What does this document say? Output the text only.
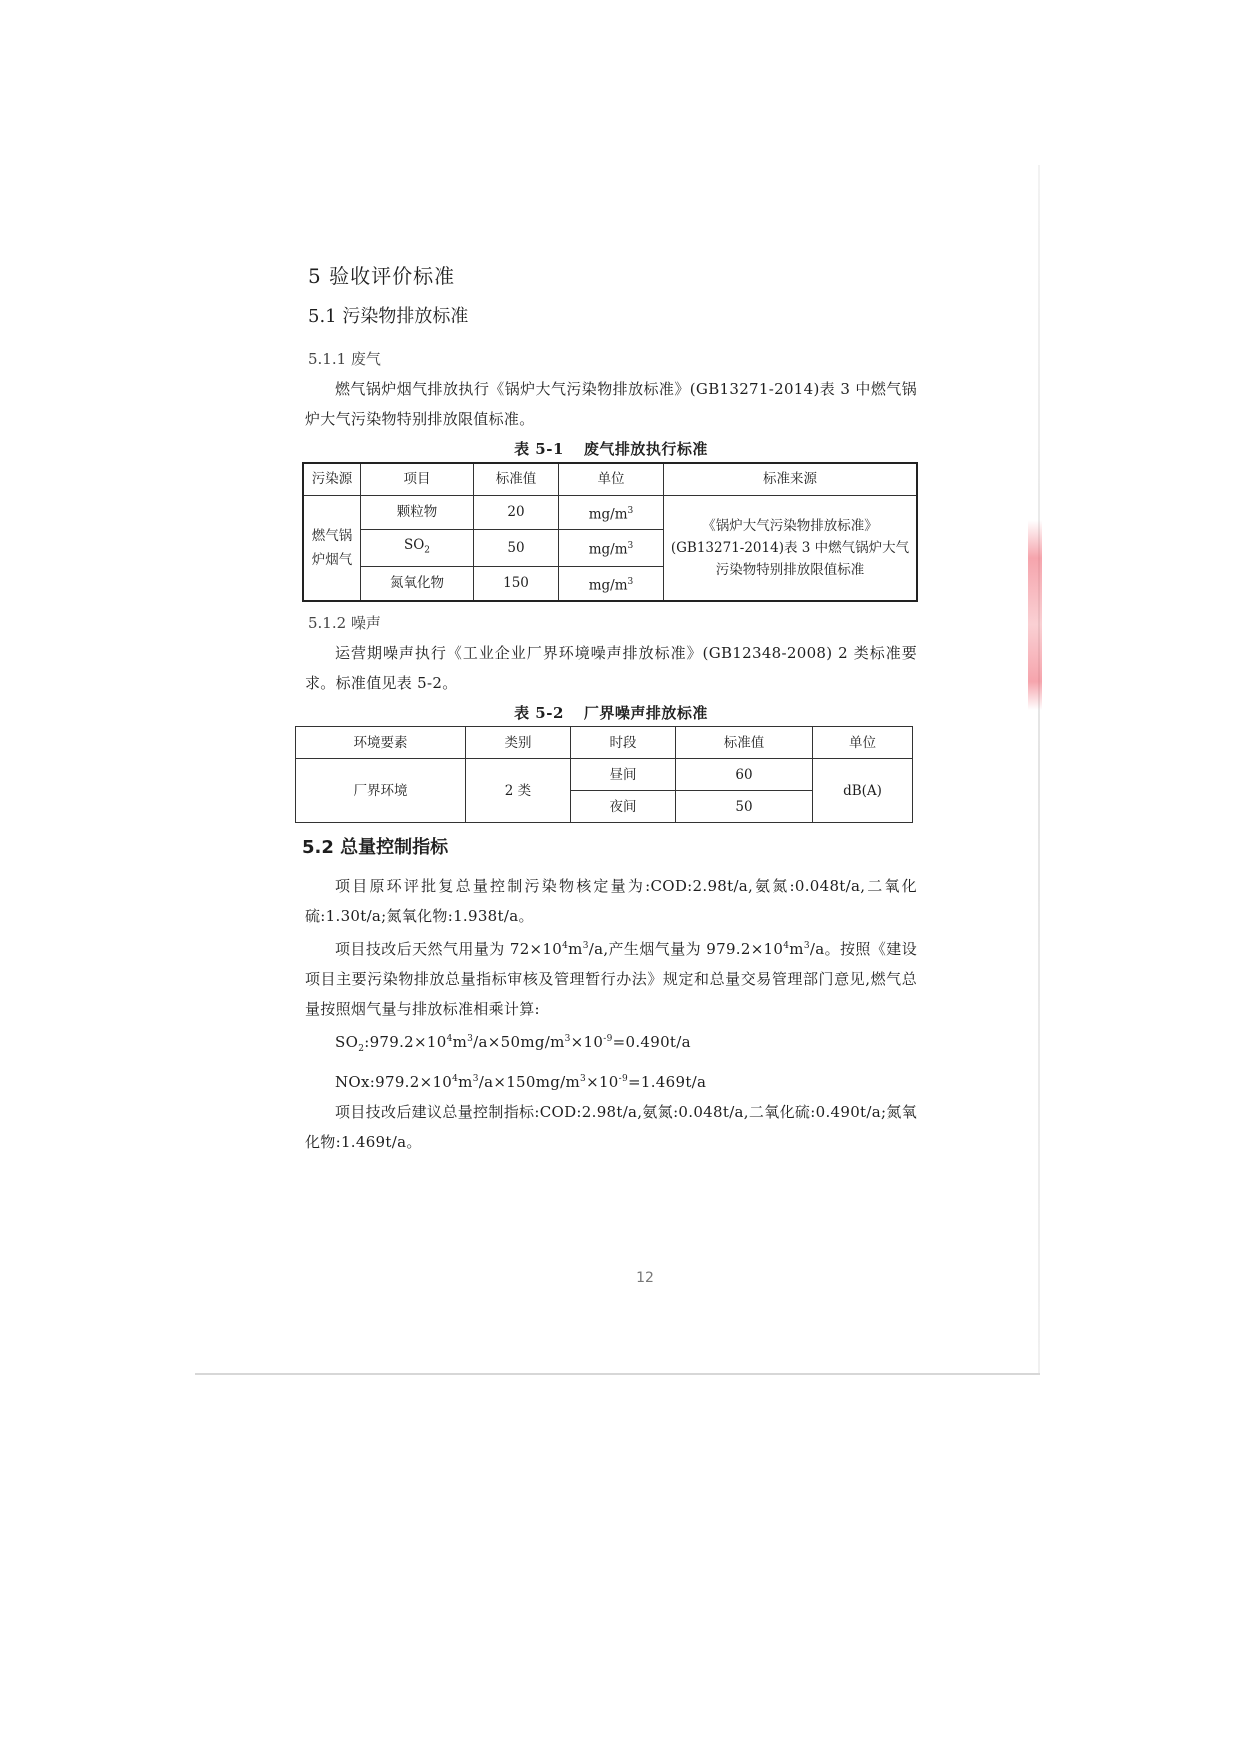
5 验收评价标准
5.1 污染物排放标准
5.1.1 废气

燃气锅炉烟气排放执行《锅炉大气污染物排放标准》(GB13271-2014)表 3 中燃气锅炉大气污染物特别排放限值标准。

表 5-1 废气排放执行标准
污染源	项目	标准值	单位	标准来源
燃气锅炉烟气	颗粒物	20	$mg/m^3$	《锅炉大气污染物排放标准》(GB13271-2014)表 3 中燃气锅炉大气污染物特别排放限值标准
	$SO_2$	50	$mg/m^3$
	氮氧化物	150	$mg/m^3$
5.1.2 噪声

运营期噪声执行《工业企业厂界环境噪声排放标准》(GB12348-2008) 2 类标准要求。标准值见表 5-2。

表 5-2 厂界噪声排放标准
环境要素	类别	时段	标准值	单位
厂界环境	2 类	昼间	60	dB(A)
		夜间	50	
5.2 总量控制指标

项目原环评批复总量控制污染物核定量为:COD:2.98t/a,氨氮:0.048t/a,二氧化硫:1.30t/a;氮氧化物:1.938t/a。

项目技改后天然气用量为 $72\times 10^4m^3/a$,产生烟气量为 $979.2\times 10^4m^3/a$。按照《建设项目主要污染物排放总量指标审核及管理暂行办法》规定和总量交易管理部门意见,燃气总量按照烟气量与排放标准相乘计算:

$SO_2:979.2\times 10^4m^3/a\times 50mg/m^3\times 10^{-9}=0.490t/a$

$NOx:979.2\times 10^4m^3/a\times 150mg/m^3\times 10^{-9}=1.469t/a$

项目技改后建议总量控制指标:COD:2.98t/a,氨氮:0.048t/a,二氧化硫:0.490t/a;氮氧化物:1.469t/a。

12
